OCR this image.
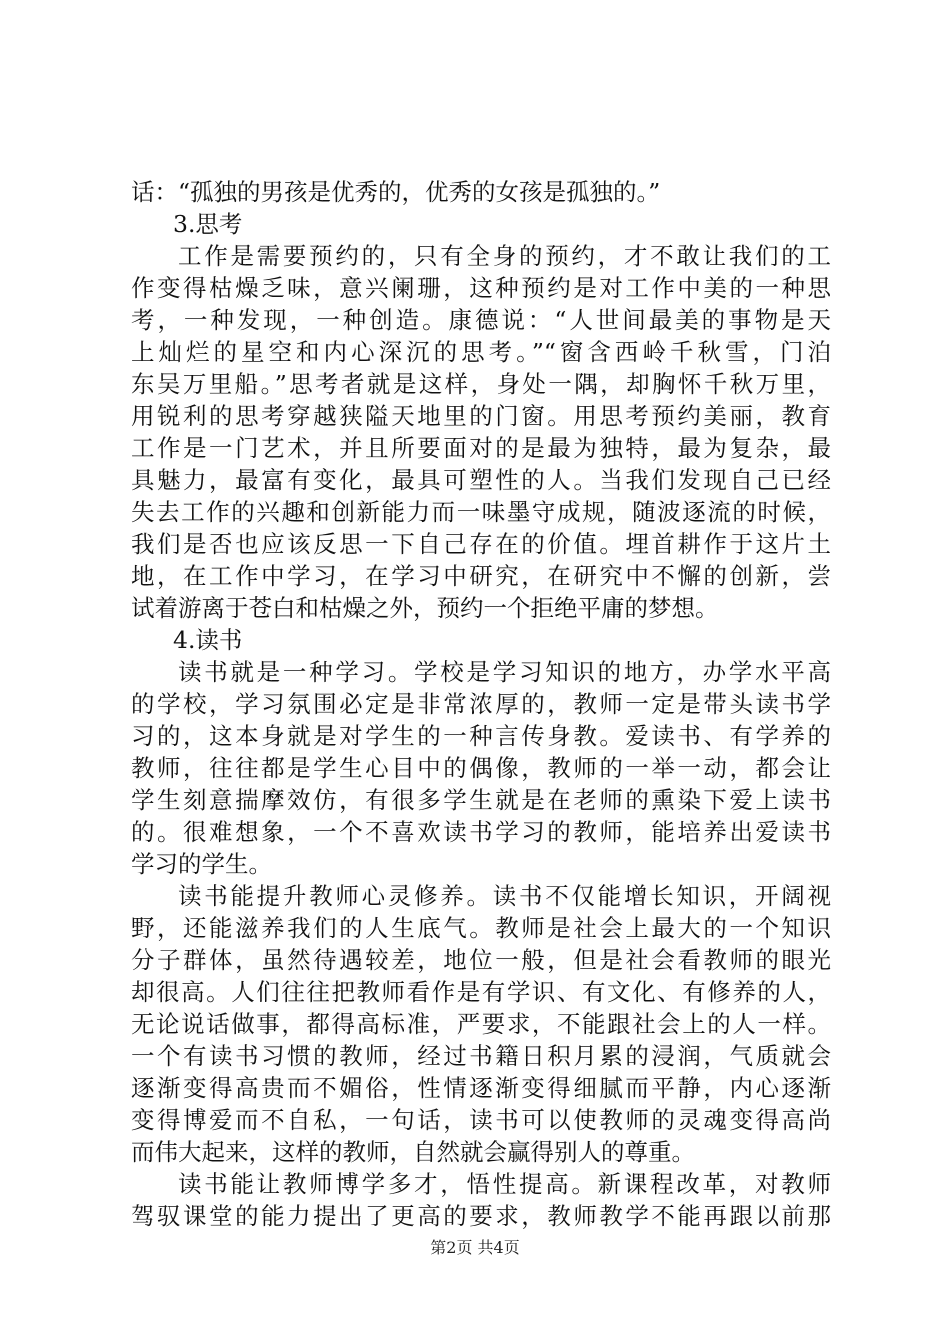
话：“孤独的男孩是优秀的，优秀的女孩是孤独的。”
3.思考
工作是需要预约的，只有全身的预约，才不敢让我们的工
作变得枯燥乏味，意兴阑珊，这种预约是对工作中美的一种思
考，一种发现，一种创造。康德说：“人世间最美的事物是天
上灿烂的星空和内心深沉的思考。”“窗含西岭千秋雪，门泊
东吴万里船。”思考者就是这样，身处一隅，却胸怀千秋万里，
用锐利的思考穿越狭隘天地里的门窗。用思考预约美丽，教育
工作是一门艺术，并且所要面对的是最为独特，最为复杂，最
具魅力，最富有变化，最具可塑性的人。当我们发现自己已经
失去工作的兴趣和创新能力而一味墨守成规，随波逐流的时候，
我们是否也应该反思一下自己存在的价值。埋首耕作于这片土
地，在工作中学习，在学习中研究，在研究中不懈的创新，尝
试着游离于苍白和枯燥之外，预约一个拒绝平庸的梦想。
4.读书
读书就是一种学习。学校是学习知识的地方，办学水平高
的学校，学习氛围必定是非常浓厚的，教师一定是带头读书学
习的，这本身就是对学生的一种言传身教。爱读书、有学养的
教师，往往都是学生心目中的偶像，教师的一举一动，都会让
学生刻意揣摩效仿，有很多学生就是在老师的熏染下爱上读书
的。很难想象，一个不喜欢读书学习的教师，能培养出爱读书
学习的学生。
读书能提升教师心灵修养。读书不仅能增长知识，开阔视
野，还能滋养我们的人生底气。教师是社会上最大的一个知识
分子群体，虽然待遇较差，地位一般，但是社会看教师的眼光
却很高。人们往往把教师看作是有学识、有文化、有修养的人，
无论说话做事，都得高标准，严要求，不能跟社会上的人一样。
一个有读书习惯的教师，经过书籍日积月累的浸润，气质就会
逐渐变得高贵而不媚俗，性情逐渐变得细腻而平静，内心逐渐
变得博爱而不自私，一句话，读书可以使教师的灵魂变得高尚
而伟大起来，这样的教师，自然就会赢得别人的尊重。
读书能让教师博学多才，悟性提高。新课程改革，对教师
驾驭课堂的能力提出了更高的要求，教师教学不能再跟以前那
第2页 共4页
